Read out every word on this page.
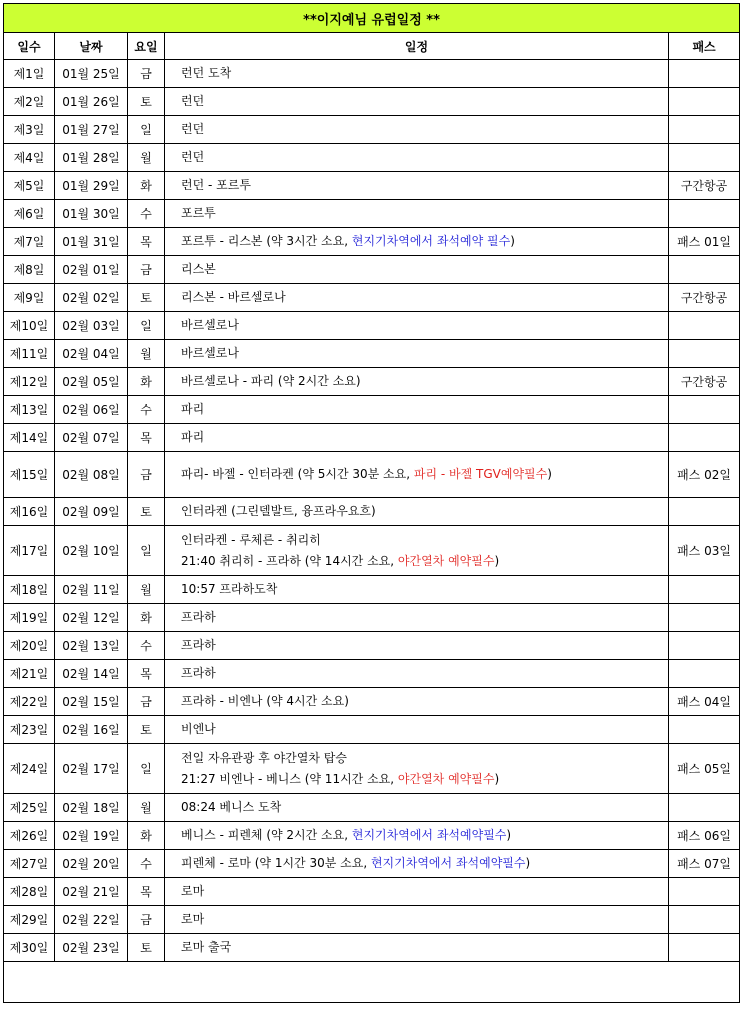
**이지예님 유럽일정 **				
일수	날짜	요일	일정	패스
제1일	01월 25일	금	런던 도착	

제2일	01월 26일	토	런던	

제3일	01월 27일	일	런던	

제4일	01월 28일	월	런던	

제5일	01월 29일	화	런던 - 포르투	구간항공
제6일	01월 30일	수	포르투	

제7일	01월 31일	목	포르투 - 리스본 (약 3시간 소요, 현지기차역에서 좌석예약 필수)	패스 01일
제8일	02월 01일	금	리스본	

제9일	02월 02일	토	리스본 - 바르셀로나	구간항공
제10일	02월 03일	일	바르셀로나	

제11일	02월 04일	월	바르셀로나	

제12일	02월 05일	화	바르셀로나 - 파리 (약 2시간 소요)	구간항공
제13일	02월 06일	수	파리	

제14일	02월 07일	목	파리	

제15일	02월 08일	금	파리- 바젤 - 인터라켄 (약 5시간 30분 소요, 파리 - 바젤 TGV예약필수)	패스 02일
제16일	02월 09일	토	인터라켄 (그린델발트, 융프라우요흐)	

제17일	02월 10일	일	인터라켄 - 루체른 - 취리히
21:40 취리히 - 프라하 (약 14시간 소요, 야간열차 예약필수)	패스 03일
제18일	02월 11일	월	10:57 프라하도착	

제19일	02월 12일	화	프라하	

제20일	02월 13일	수	프라하	

제21일	02월 14일	목	프라하	

제22일	02월 15일	금	프라하 - 비엔나 (약 4시간 소요)	패스 04일
제23일	02월 16일	토	비엔나	

제24일	02월 17일	일	전일 자유관광 후 야간열차 탑승
21:27 비엔나 - 베니스 (약 11시간 소요, 야간열차 예약필수)	패스 05일
제25일	02월 18일	월	08:24 베니스 도착	

제26일	02월 19일	화	베니스 - 피렌체 (약 2시간 소요, 현지기차역에서 좌석예약필수)	패스 06일
제27일	02월 20일	수	피렌체 - 로마 (약 1시간 30분 소요, 현지기차역에서 좌석예약필수)	패스 07일
제28일	02월 21일	목	로마	

제29일	02월 22일	금	로마	

제30일	02월 23일	토	로마 출국	
